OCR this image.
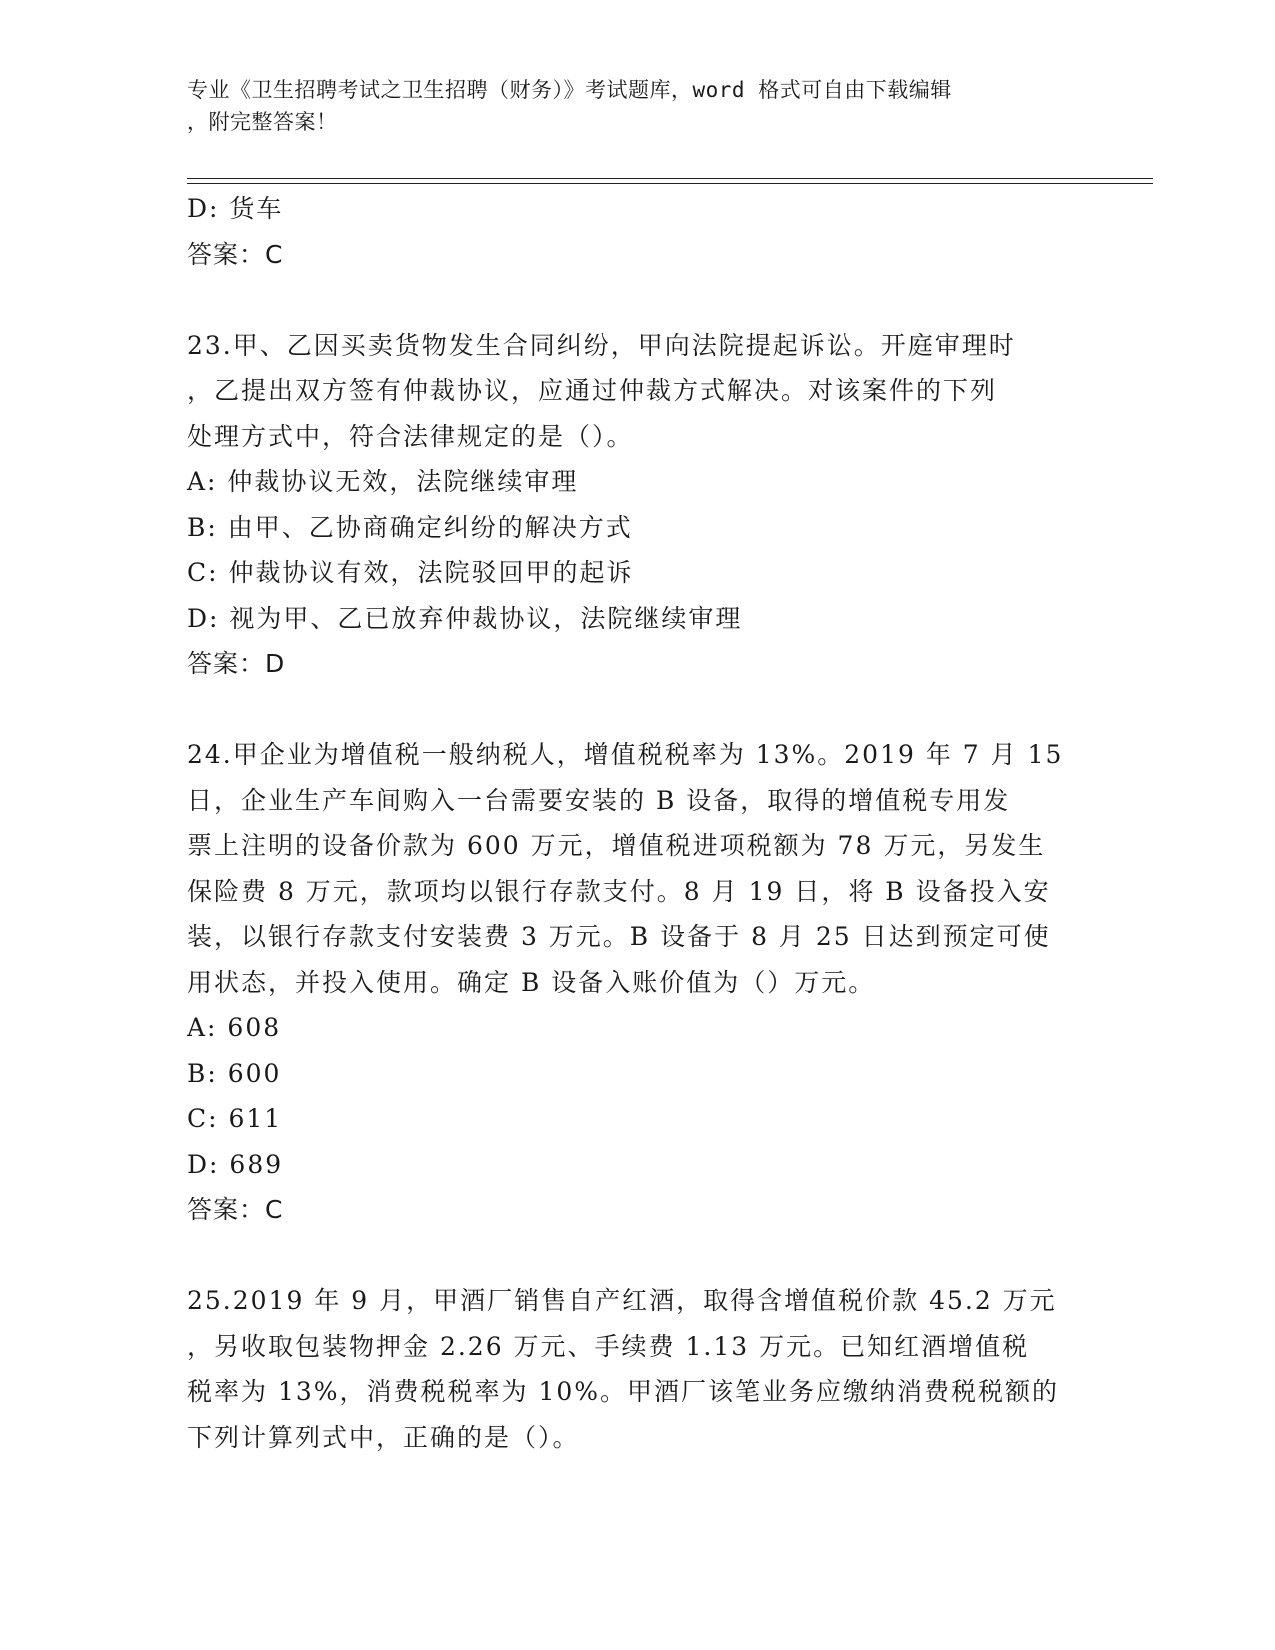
专业《卫生招聘考试之卫生招聘（财务）》考试题库，word 格式可自由下载编辑
，附完整答案！
D: 货车
答案：C
23.甲、乙因买卖货物发生合同纠纷，甲向法院提起诉讼。开庭审理时
，乙提出双方签有仲裁协议，应通过仲裁方式解决。对该案件的下列
处理方式中，符合法律规定的是（）。
A: 仲裁协议无效，法院继续审理
B: 由甲、乙协商确定纠纷的解决方式
C: 仲裁协议有效，法院驳回甲的起诉
D: 视为甲、乙已放弃仲裁协议，法院继续审理
答案：D
24.甲企业为增值税一般纳税人，增值税税率为 13%。2019 年 7 月 15
日，企业生产车间购入一台需要安装的 B 设备，取得的增值税专用发
票上注明的设备价款为 600 万元，增值税进项税额为 78 万元，另发生
保险费 8 万元，款项均以银行存款支付。8 月 19 日，将 B 设备投入安
装，以银行存款支付安装费 3 万元。B 设备于 8 月 25 日达到预定可使
用状态，并投入使用。确定 B 设备入账价值为（）万元。
A: 608
B: 600
C: 611
D: 689
答案：C
25.2019 年 9 月，甲酒厂销售自产红酒，取得含增值税价款 45.2 万元
，另收取包装物押金 2.26 万元、手续费 1.13 万元。已知红酒增值税
税率为 13%，消费税税率为 10%。甲酒厂该笔业务应缴纳消费税税额的
下列计算列式中，正确的是（）。
